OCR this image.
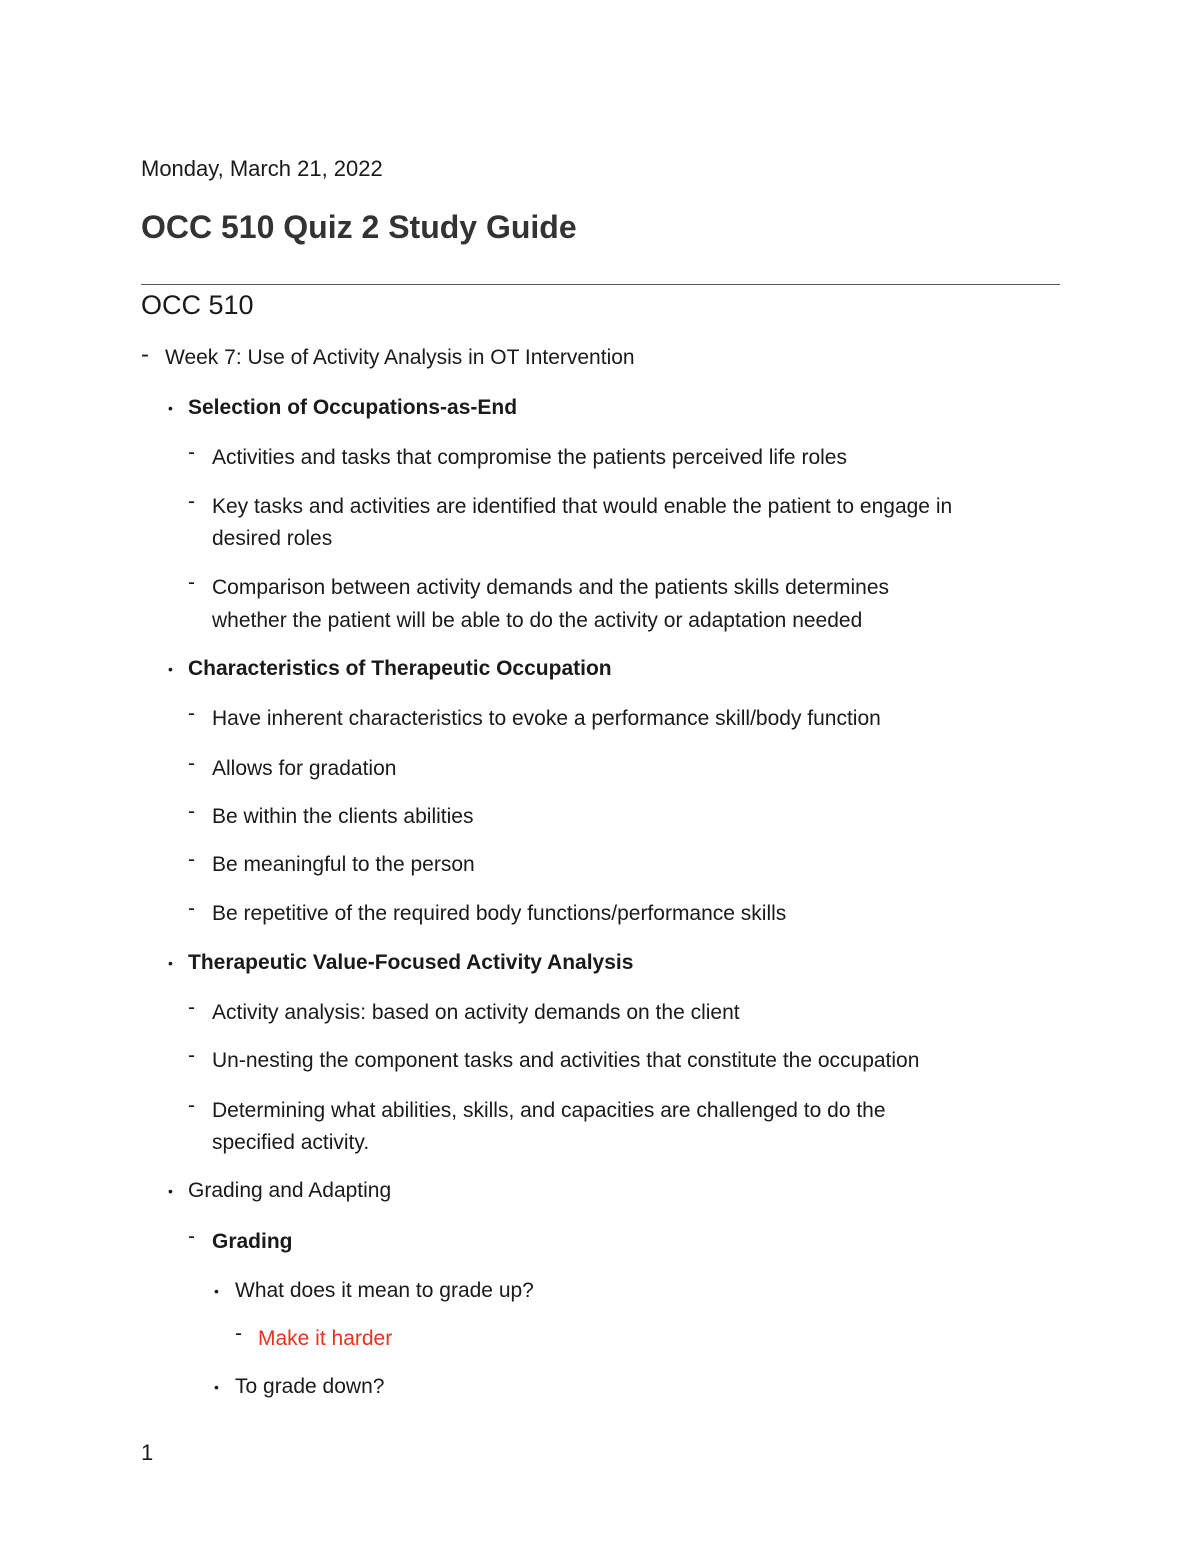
Monday, March 21, 2022
OCC 510 Quiz 2 Study Guide
OCC 510
- Week 7: Use of Activity Analysis in OT Intervention
• Selection of Occupations-as-End
- Activities and tasks that compromise the patients perceived life roles
- Key tasks and activities are identified that would enable the patient to engage in
desired roles
- Comparison between activity demands and the patients skills determines
whether the patient will be able to do the activity or adaptation needed
• Characteristics of Therapeutic Occupation
- Have inherent characteristics to evoke a performance skill/body function
- Allows for gradation
- Be within the clients abilities
- Be meaningful to the person
- Be repetitive of the required body functions/performance skills
• Therapeutic Value-Focused Activity Analysis
- Activity analysis: based on activity demands on the client
- Un-nesting the component tasks and activities that constitute the occupation
- Determining what abilities, skills, and capacities are challenged to do the
specified activity.
• Grading and Adapting
- Grading
• What does it mean to grade up?
- Make it harder
• To grade down?
1
